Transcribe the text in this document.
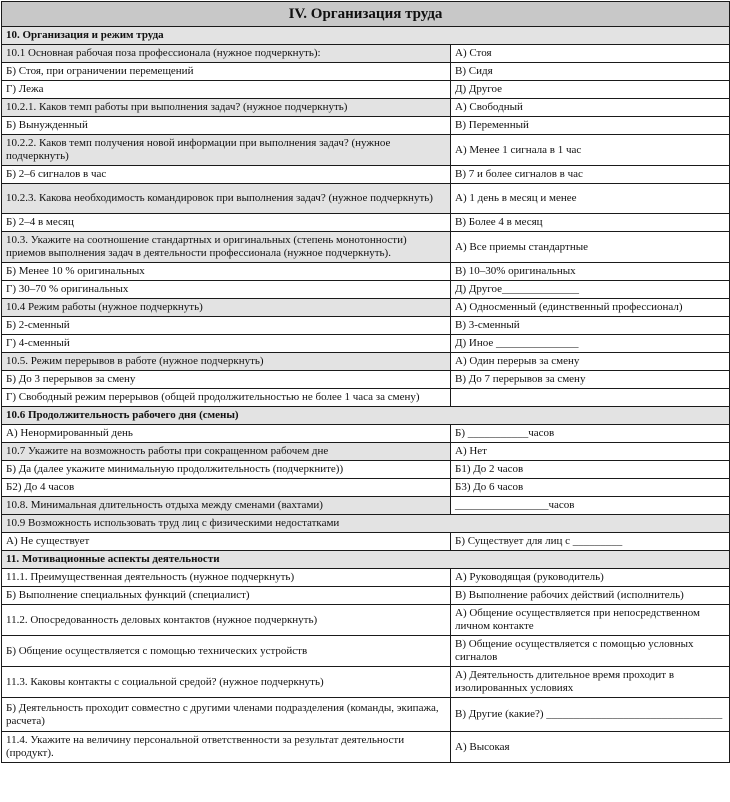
IV. Организация труда	
10. Организация и режим труда	
10.1 Основная рабочая поза профессионала (нужное подчеркнуть):	А) Стоя
Б) Стоя, при ограничении перемещений	В) Сидя
Г) Лежа	Д) Другое
10.2.1. Каков темп работы при выполнения задач? (нужное подчеркнуть)	А) Свободный
Б) Вынужденный	В) Переменный
10.2.2. Каков темп получения новой информации при выполнения задач? (нужное подчеркнуть)	А) Менее 1 сигнала в 1 час
Б) 2–6 сигналов в час	В) 7 и более сигналов в час
10.2.3. Какова необходимость командировок при выполнения задач? (нужное подчеркнуть)	А) 1 день в месяц и менее
Б) 2–4 в месяц	В) Более 4 в месяц
10.3. Укажите на соотношение стандартных и оригинальных (степень монотонности) приемов выполнения задач в деятельности профессионала (нужное подчеркнуть).	А) Все приемы стандартные
Б) Менее 10 % оригинальных	В) 10–30% оригинальных
Г) 30–70 % оригинальных	Д) Другое______________
10.4 Режим работы (нужное подчеркнуть)	А) Односменный (единственный профессионал)
Б) 2-сменный	В) 3-сменный
Г) 4-сменный	Д) Иное _______________
10.5. Режим перерывов в работе (нужное подчеркнуть)	А) Один перерыв за смену
Б) До 3 перерывов за смену	В) До 7 перерывов за смену
Г) Свободный режим перерывов (общей продолжительностью не более 1 часа за смену)	
10.6 Продолжительность рабочего дня (смены)	
А) Ненормированный день	Б) ___________часов
10.7 Укажите на возможность работы при сокращенном рабочем дне	А) Нет
Б) Да (далее укажите минимальную продолжительность (подчеркните))	Б1) До 2 часов
Б2) До 4 часов	Б3) До 6 часов
10.8. Минимальная длительность отдыха между сменами (вахтами)	_________________часов
10.9 Возможность использовать труд лиц с физическими недостатками	
А) Не существует	Б) Существует для лиц с _________
11. Мотивационные аспекты деятельности	
11.1. Преимущественная деятельность (нужное подчеркнуть)	А) Руководящая (руководитель)
Б) Выполнение специальных функций (специалист)	В) Выполнение рабочих действий (исполнитель)
11.2. Опосредованность деловых контактов (нужное подчеркнуть)	А) Общение осуществляется при непосредственном личном контакте
Б) Общение осуществляется с помощью технических устройств	В) Общение осуществляется с помощью условных сигналов
11.3. Каковы контакты с социальной средой? (нужное подчеркнуть)	А) Деятельность длительное время проходит в изолированных условиях
Б) Деятельность проходит совместно с другими членами подразделения (команды, экипажа, расчета)	В) Другие (какие?) ________________________________
11.4. Укажите на величину персональной ответственности за результат деятельности (продукт).	А) Высокая
